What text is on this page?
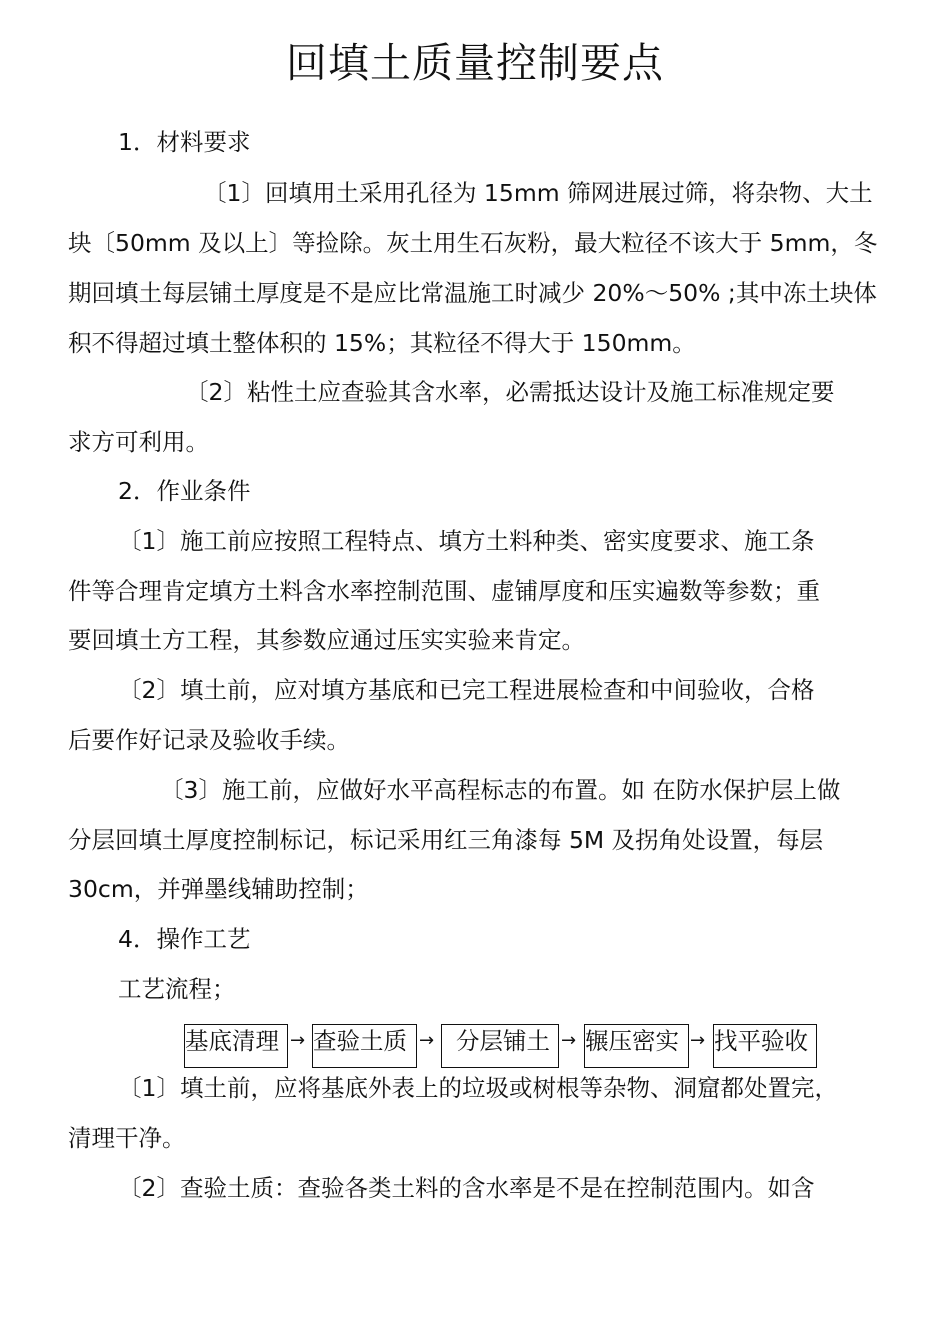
回填土质量控制要点
1．材料要求
〔1〕回填用土采用孔径为 15mm 筛网进展过筛，将杂物、大土
块〔50mm 及以上〕等捡除。灰土用生石灰粉，最大粒径不该大于 5mm，冬
期回填土每层铺土厚度是不是应比常温施工时减少 20%～50% ;其中冻土块体
积不得超过填土整体积的 15%；其粒径不得大于 150mm。
〔2〕粘性土应查验其含水率，必需抵达设计及施工标准规定要
求方可利用。
2．作业条件
〔1〕施工前应按照工程特点、填方土料种类、密实度要求、施工条
件等合理肯定填方土料含水率控制范围、虚铺厚度和压实遍数等参数；重
要回填土方工程，其参数应通过压实实验来肯定。
〔2〕填土前，应对填方基底和已完工程进展检查和中间验收，合格
后要作好记录及验收手续。
〔3〕施工前，应做好水平高程标志的布置。如 在防水保护层上做
分层回填土厚度控制标记，标记采用红三角漆每 5M 及拐角处设置，每层
30cm，并弹墨线辅助控制；
4．操作工艺
工艺流程；
基底清理 → 查验土质 → 分层铺土 → 辗压密实 → 找平验收
〔1〕填土前，应将基底外表上的垃圾或树根等杂物、洞窟都处置完，
清理干净。
〔2〕查验土质：查验各类土料的含水率是不是在控制范围内。如含
